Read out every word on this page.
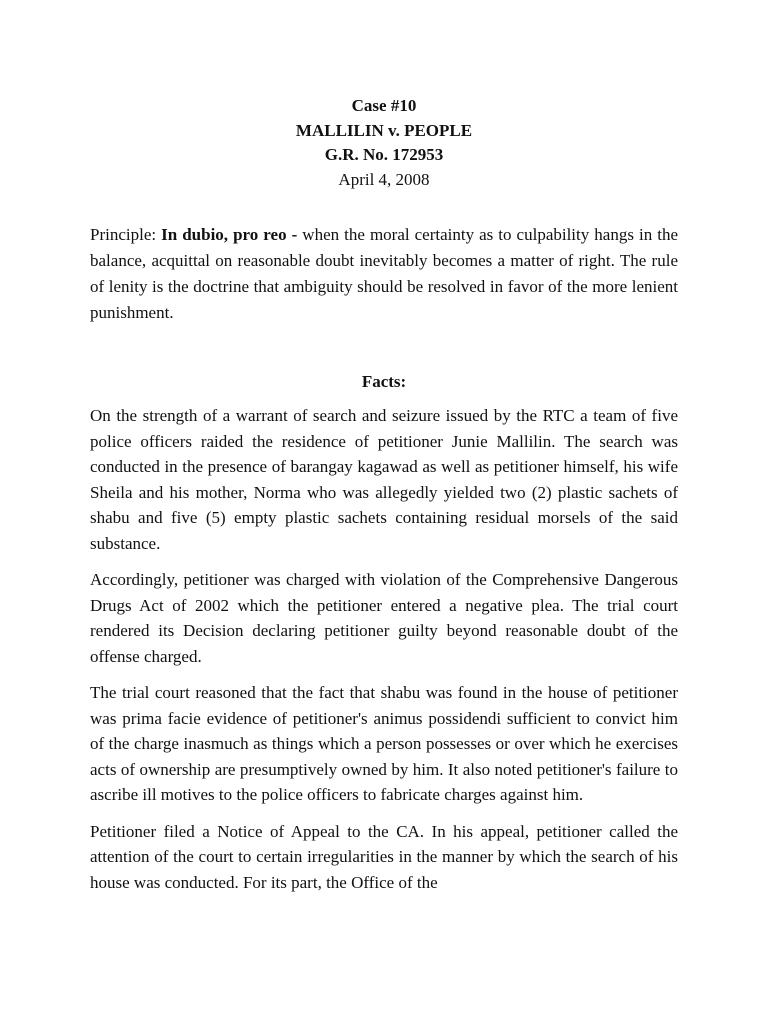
Case #10
MALLILIN v. PEOPLE
G.R. No. 172953
April 4, 2008
Principle: In dubio, pro reo - when the moral certainty as to culpability hangs in the balance, acquittal on reasonable doubt inevitably becomes a matter of right. The rule of lenity is the doctrine that ambiguity should be resolved in favor of the more lenient punishment.
Facts:

On the strength of a warrant of search and seizure issued by the RTC a team of five police officers raided the residence of petitioner Junie Mallilin. The search was conducted in the presence of barangay kagawad as well as petitioner himself, his wife Sheila and his mother, Norma who was allegedly yielded two (2) plastic sachets of shabu and five (5) empty plastic sachets containing residual morsels of the said substance.

Accordingly, petitioner was charged with violation of the Comprehensive Dangerous Drugs Act of 2002 which the petitioner entered a negative plea. The trial court rendered its Decision declaring petitioner guilty beyond reasonable doubt of the offense charged.

The trial court reasoned that the fact that shabu was found in the house of petitioner was prima facie evidence of petitioner's animus possidendi sufficient to convict him of the charge inasmuch as things which a person possesses or over which he exercises acts of ownership are presumptively owned by him. It also noted petitioner's failure to ascribe ill motives to the police officers to fabricate charges against him.

Petitioner filed a Notice of Appeal to the CA. In his appeal, petitioner called the attention of the court to certain irregularities in the manner by which the search of his house was conducted. For its part, the Office of the
